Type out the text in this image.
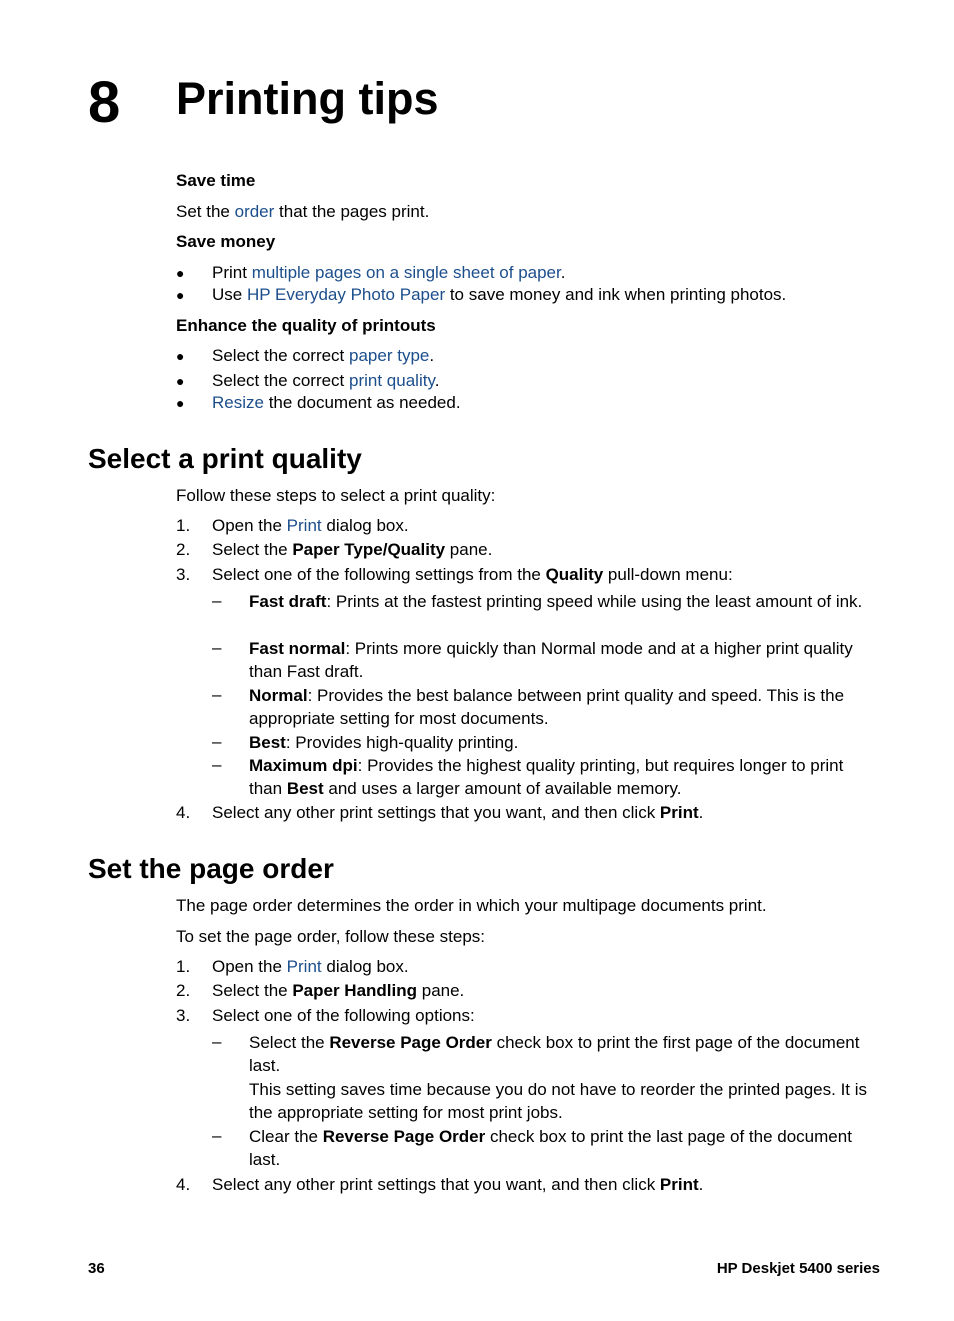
8 Printing tips
Save time
Set the order that the pages print.
Save money
● Print multiple pages on a single sheet of paper.
● Use HP Everyday Photo Paper to save money and ink when printing photos.
Enhance the quality of printouts
● Select the correct paper type.
● Select the correct print quality.
● Resize the document as needed.
Select a print quality
Follow these steps to select a print quality:
1. Open the Print dialog box.
2. Select the Paper Type/Quality pane.
3. Select one of the following settings from the Quality pull-down menu:
– Fast draft: Prints at the fastest printing speed while using the least amount of ink.
– Fast normal: Prints more quickly than Normal mode and at a higher print quality than Fast draft.
– Normal: Provides the best balance between print quality and speed. This is the appropriate setting for most documents.
– Best: Provides high-quality printing.
– Maximum dpi: Provides the highest quality printing, but requires longer to print than Best and uses a larger amount of available memory.
4. Select any other print settings that you want, and then click Print.
Set the page order
The page order determines the order in which your multipage documents print.
To set the page order, follow these steps:
1. Open the Print dialog box.
2. Select the Paper Handling pane.
3. Select one of the following options:
– Select the Reverse Page Order check box to print the first page of the document last.
This setting saves time because you do not have to reorder the printed pages. It is the appropriate setting for most print jobs.
– Clear the Reverse Page Order check box to print the last page of the document last.
4. Select any other print settings that you want, and then click Print.
36	HP Deskjet 5400 series
